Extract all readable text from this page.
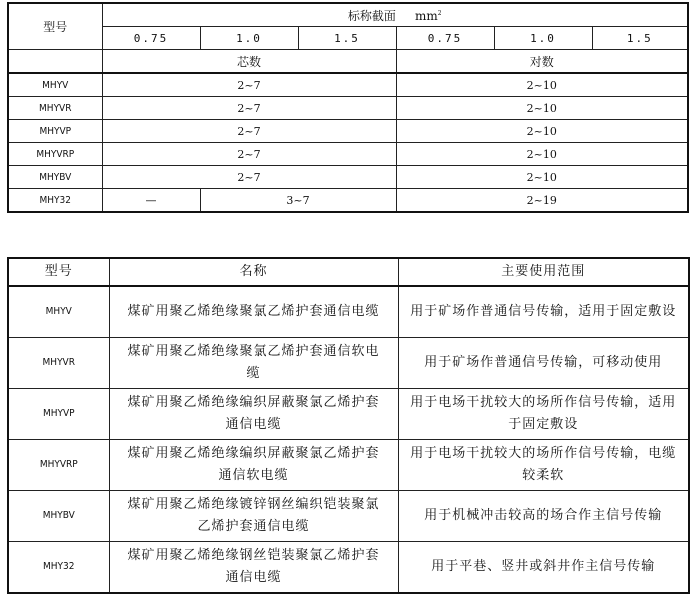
型号	标称截面 $mm^2$
	0.75	1.0	1.5	0.75	1.0	1.5
	芯数			对数		
MHYV	2~7			2~10		
MHYVR	2~7			2~10		
MHYVP	2~7			2~10		
MHYVRP	2~7			2~10		
MHYBV	2~7			2~10		
MHY32	—	3~7		2~19		
型号	名称	主要使用范围
MHYV	煤矿用聚乙烯绝缘聚氯乙烯护套通信电缆	用于矿场作普通信号传输，适用于固定敷设
MHYVR	煤矿用聚乙烯绝缘聚氯乙烯护套通信软电缆	用于矿场作普通信号传输，可移动使用
MHYVP	煤矿用聚乙烯绝缘编织屏蔽聚氯乙烯护套通信电缆	用于电场干扰较大的场所作信号传输，适用于固定敷设
MHYVRP	煤矿用聚乙烯绝缘编织屏蔽聚氯乙烯护套通信软电缆	用于电场干扰较大的场所作信号传输，电缆较柔软
MHYBV	煤矿用聚乙烯绝缘镀锌钢丝编织铠装聚氯乙烯护套通信电缆	用于机械冲击较高的场合作主信号传输
MHY32	煤矿用聚乙烯绝缘钢丝铠装聚氯乙烯护套通信电缆	用于平巷、竖井或斜井作主信号传输
